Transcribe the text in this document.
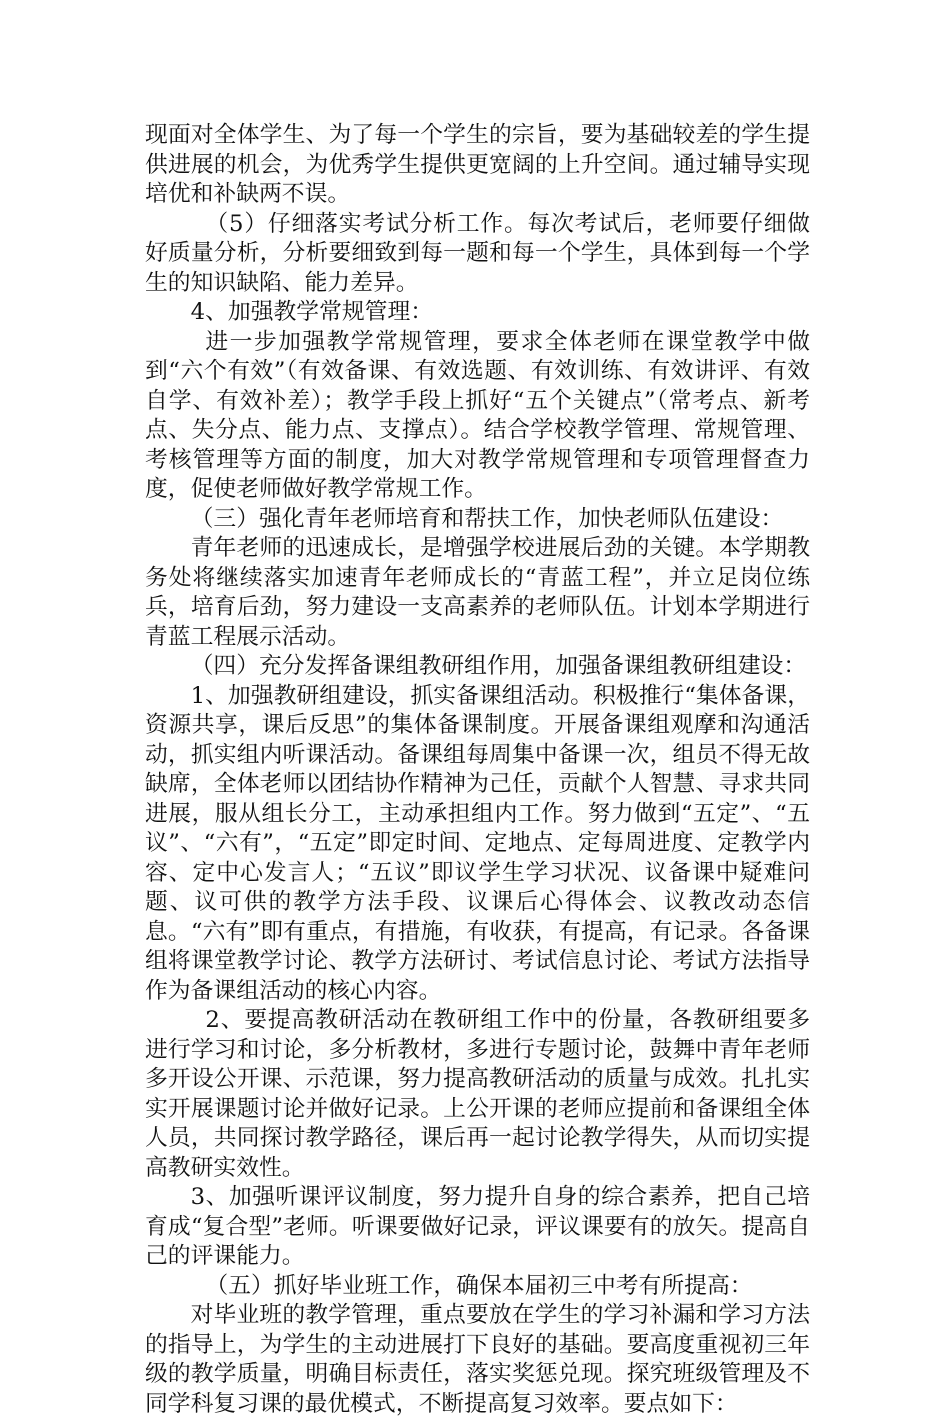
现面对全体学生、为了每一个学生的宗旨，要为基础较差的学生提供进展的机会，为优秀学生提供更宽阔的上升空间。通过辅导实现培优和补缺两不误。

（5）仔细落实考试分析工作。每次考试后，老师要仔细做好质量分析，分析要细致到每一题和每一个学生，具体到每一个学生的知识缺陷、能力差异。

4、加强教学常规管理：

进一步加强教学常规管理，要求全体老师在课堂教学中做到“六个有效”（有效备课、有效选题、有效训练、有效讲评、有效自学、有效补差）；教学手段上抓好“五个关键点”（常考点、新考点、失分点、能力点、支撑点）。结合学校教学管理、常规管理、考核管理等方面的制度，加大对教学常规管理和专项管理督查力度，促使老师做好教学常规工作。

（三）强化青年老师培育和帮扶工作，加快老师队伍建设：

青年老师的迅速成长，是增强学校进展后劲的关键。本学期教务处将继续落实加速青年老师成长的“青蓝工程”，并立足岗位练兵，培育后劲，努力建设一支高素养的老师队伍。计划本学期进行青蓝工程展示活动。

（四）充分发挥备课组教研组作用，加强备课组教研组建设：

1、加强教研组建设，抓实备课组活动。积极推行“集体备课，资源共享，课后反思”的集体备课制度。开展备课组观摩和沟通活动，抓实组内听课活动。备课组每周集中备课一次，组员不得无故缺席，全体老师以团结协作精神为己任，贡献个人智慧、寻求共同进展，服从组长分工，主动承担组内工作。努力做到“五定”、“五议”、“六有”，“五定”即定时间、定地点、定每周进度、定教学内容、定中心发言人；“五议”即议学生学习状况、议备课中疑难问题、议可供的教学方法手段、议课后心得体会、议教改动态信息。“六有”即有重点，有措施，有收获，有提高，有记录。各备课组将课堂教学讨论、教学方法研讨、考试信息讨论、考试方法指导作为备课组活动的核心内容。

2、要提高教研活动在教研组工作中的份量，各教研组要多进行学习和讨论，多分析教材，多进行专题讨论，鼓舞中青年老师多开设公开课、示范课，努力提高教研活动的质量与成效。扎扎实实开展课题讨论并做好记录。上公开课的老师应提前和备课组全体人员，共同探讨教学路径，课后再一起讨论教学得失，从而切实提高教研实效性。

3、加强听课评议制度，努力提升自身的综合素养，把自己培育成“复合型”老师。听课要做好记录，评议课要有的放矢。提高自己的评课能力。

（五）抓好毕业班工作，确保本届初三中考有所提高：

对毕业班的教学管理，重点要放在学生的学习补漏和学习方法的指导上，为学生的主动进展打下良好的基础。要高度重视初三年级的教学质量，明确目标责任，落实奖惩兑现。探究班级管理及不同学科复习课的最优模式，不断提高复习效率。要点如下：
